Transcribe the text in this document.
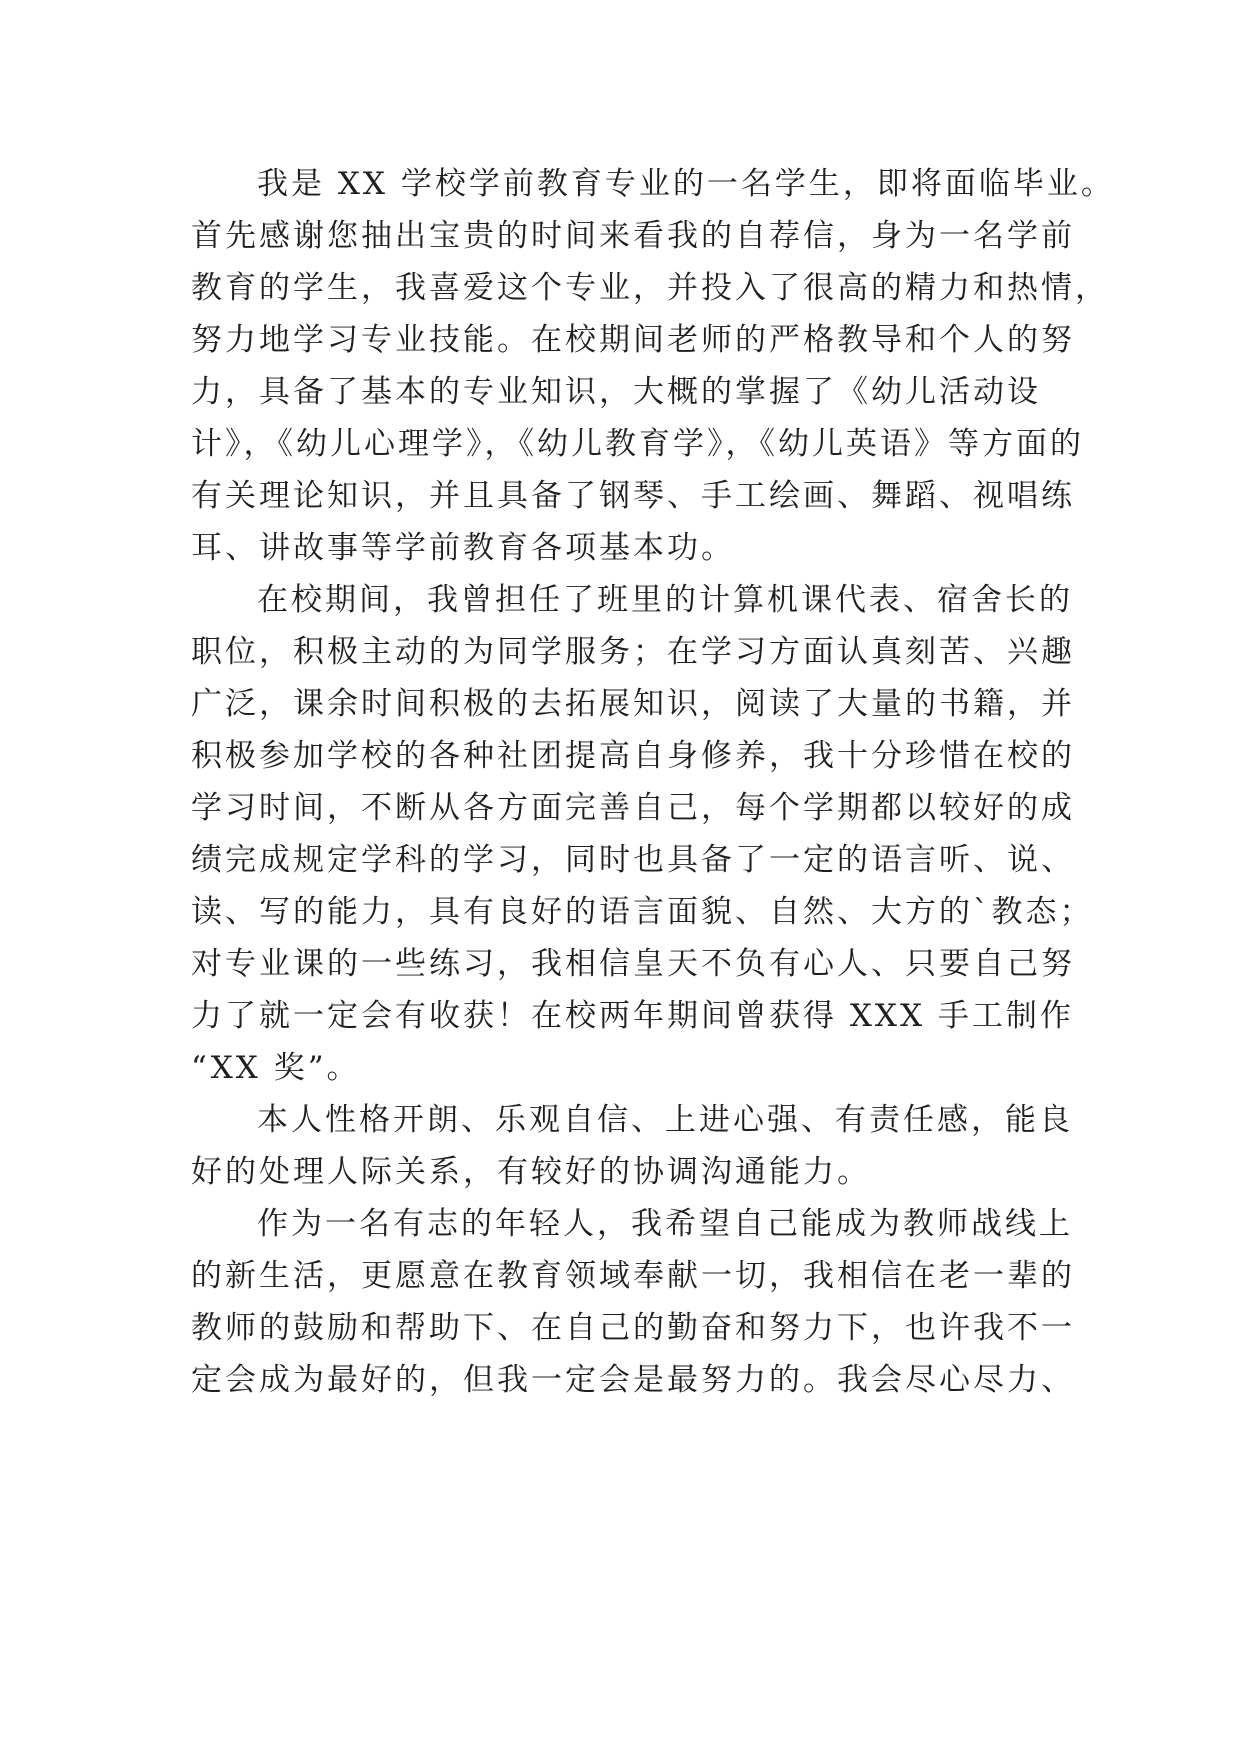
我是 XX 学校学前教育专业的一名学生，即将面临毕业。
首先感谢您抽出宝贵的时间来看我的自荐信，身为一名学前
教育的学生，我喜爱这个专业，并投入了很高的精力和热情，
努力地学习专业技能。在校期间老师的严格教导和个人的努
力，具备了基本的专业知识，大概的掌握了《幼儿活动设
计》，《幼儿心理学》，《幼儿教育学》，《幼儿英语》等方面的
有关理论知识，并且具备了钢琴、手工绘画、舞蹈、视唱练
耳、讲故事等学前教育各项基本功。
在校期间，我曾担任了班里的计算机课代表、宿舍长的
职位，积极主动的为同学服务；在学习方面认真刻苦、兴趣
广泛，课余时间积极的去拓展知识，阅读了大量的书籍，并
积极参加学校的各种社团提高自身修养，我十分珍惜在校的
学习时间，不断从各方面完善自己，每个学期都以较好的成
绩完成规定学科的学习，同时也具备了一定的语言听、说、
读、写的能力，具有良好的语言面貌、自然、大方的`教态；
对专业课的一些练习，我相信皇天不负有心人、只要自己努
力了就一定会有收获！在校两年期间曾获得 XXX 手工制作
“XX 奖”。
本人性格开朗、乐观自信、上进心强、有责任感，能良
好的处理人际关系，有较好的协调沟通能力。
作为一名有志的年轻人，我希望自己能成为教师战线上
的新生活，更愿意在教育领域奉献一切，我相信在老一辈的
教师的鼓励和帮助下、在自己的勤奋和努力下，也许我不一
定会成为最好的，但我一定会是最努力的。我会尽心尽力、
